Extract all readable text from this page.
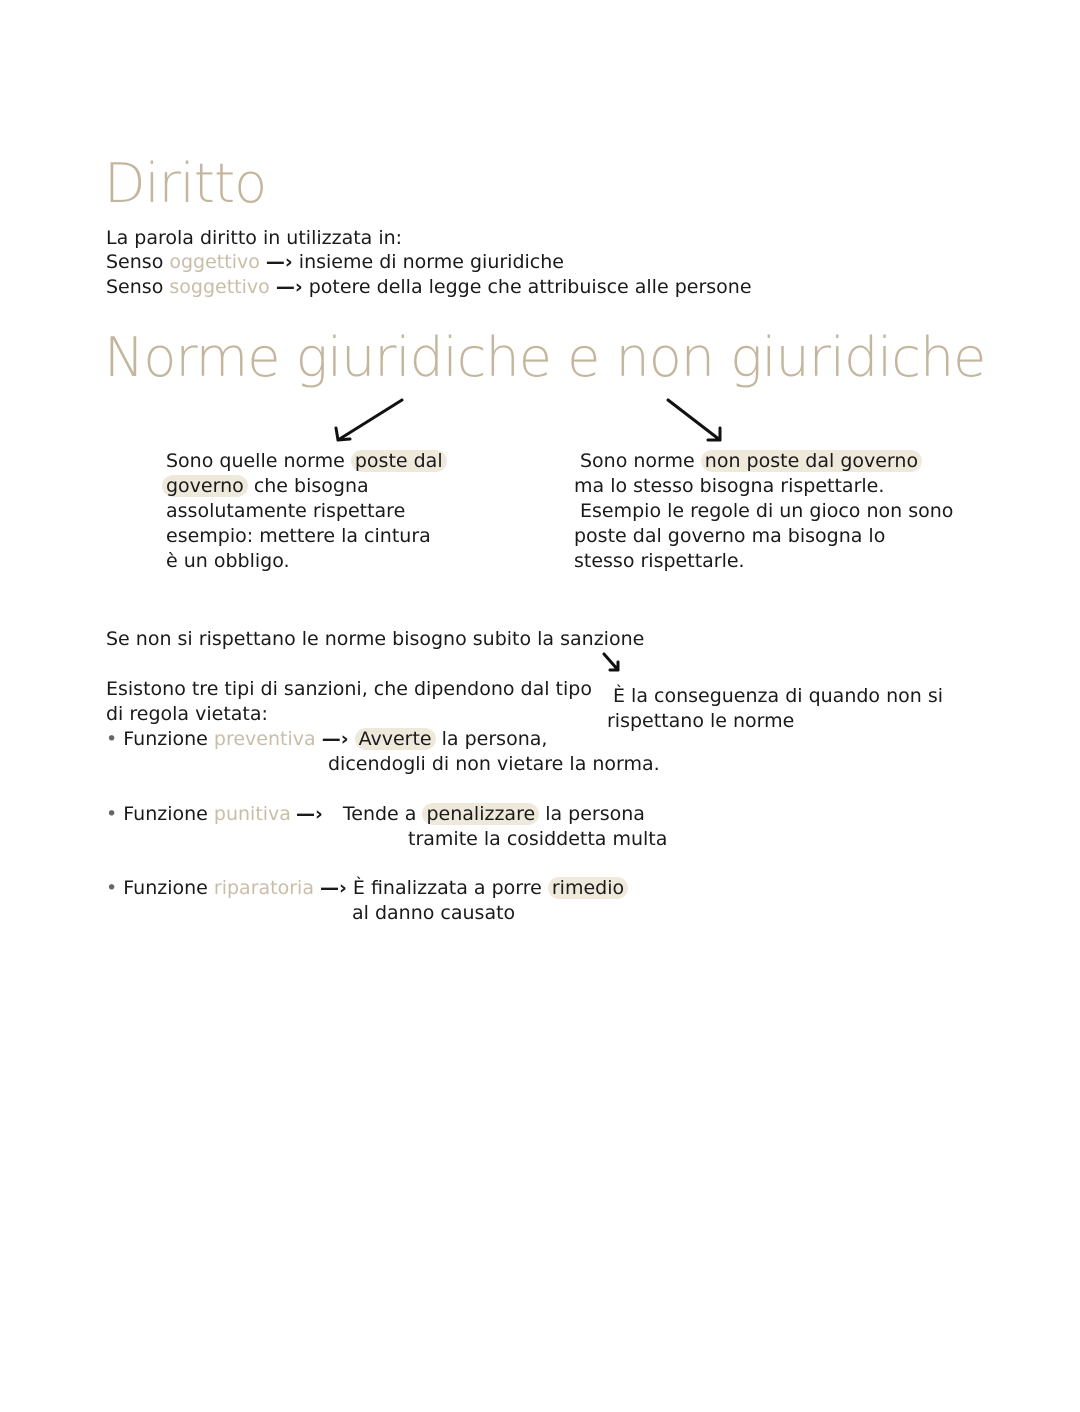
Diritto
La parola diritto in utilizzata in:
Senso oggettivo —› insieme di norme giuridiche
Senso soggettivo —› potere della legge che attribuisce alle persone
Norme giuridiche e non giuridiche
Sono quelle norme poste dal
governo che bisogna
assolutamente rispettare
esempio: mettere la cintura
è un obbligo.
Sono norme non poste dal governo
ma lo stesso bisogna rispettarle.
Esempio le regole di un gioco non sono
poste dal governo ma bisogna lo
stesso rispettarle.
Se non si rispettano le norme bisogno subito la sanzione
È la conseguenza di quando non si
rispettano le norme
Esistono tre tipi di sanzioni, che dipendono dal tipo
di regola vietata:
• Funzione preventiva —› Avverte la persona,
dicendogli di non vietare la norma.
• Funzione punitiva —› Tende a penalizzare la persona
tramite la cosiddetta multa
• Funzione riparatoria —› È finalizzata a porre rimedio
al danno causato
